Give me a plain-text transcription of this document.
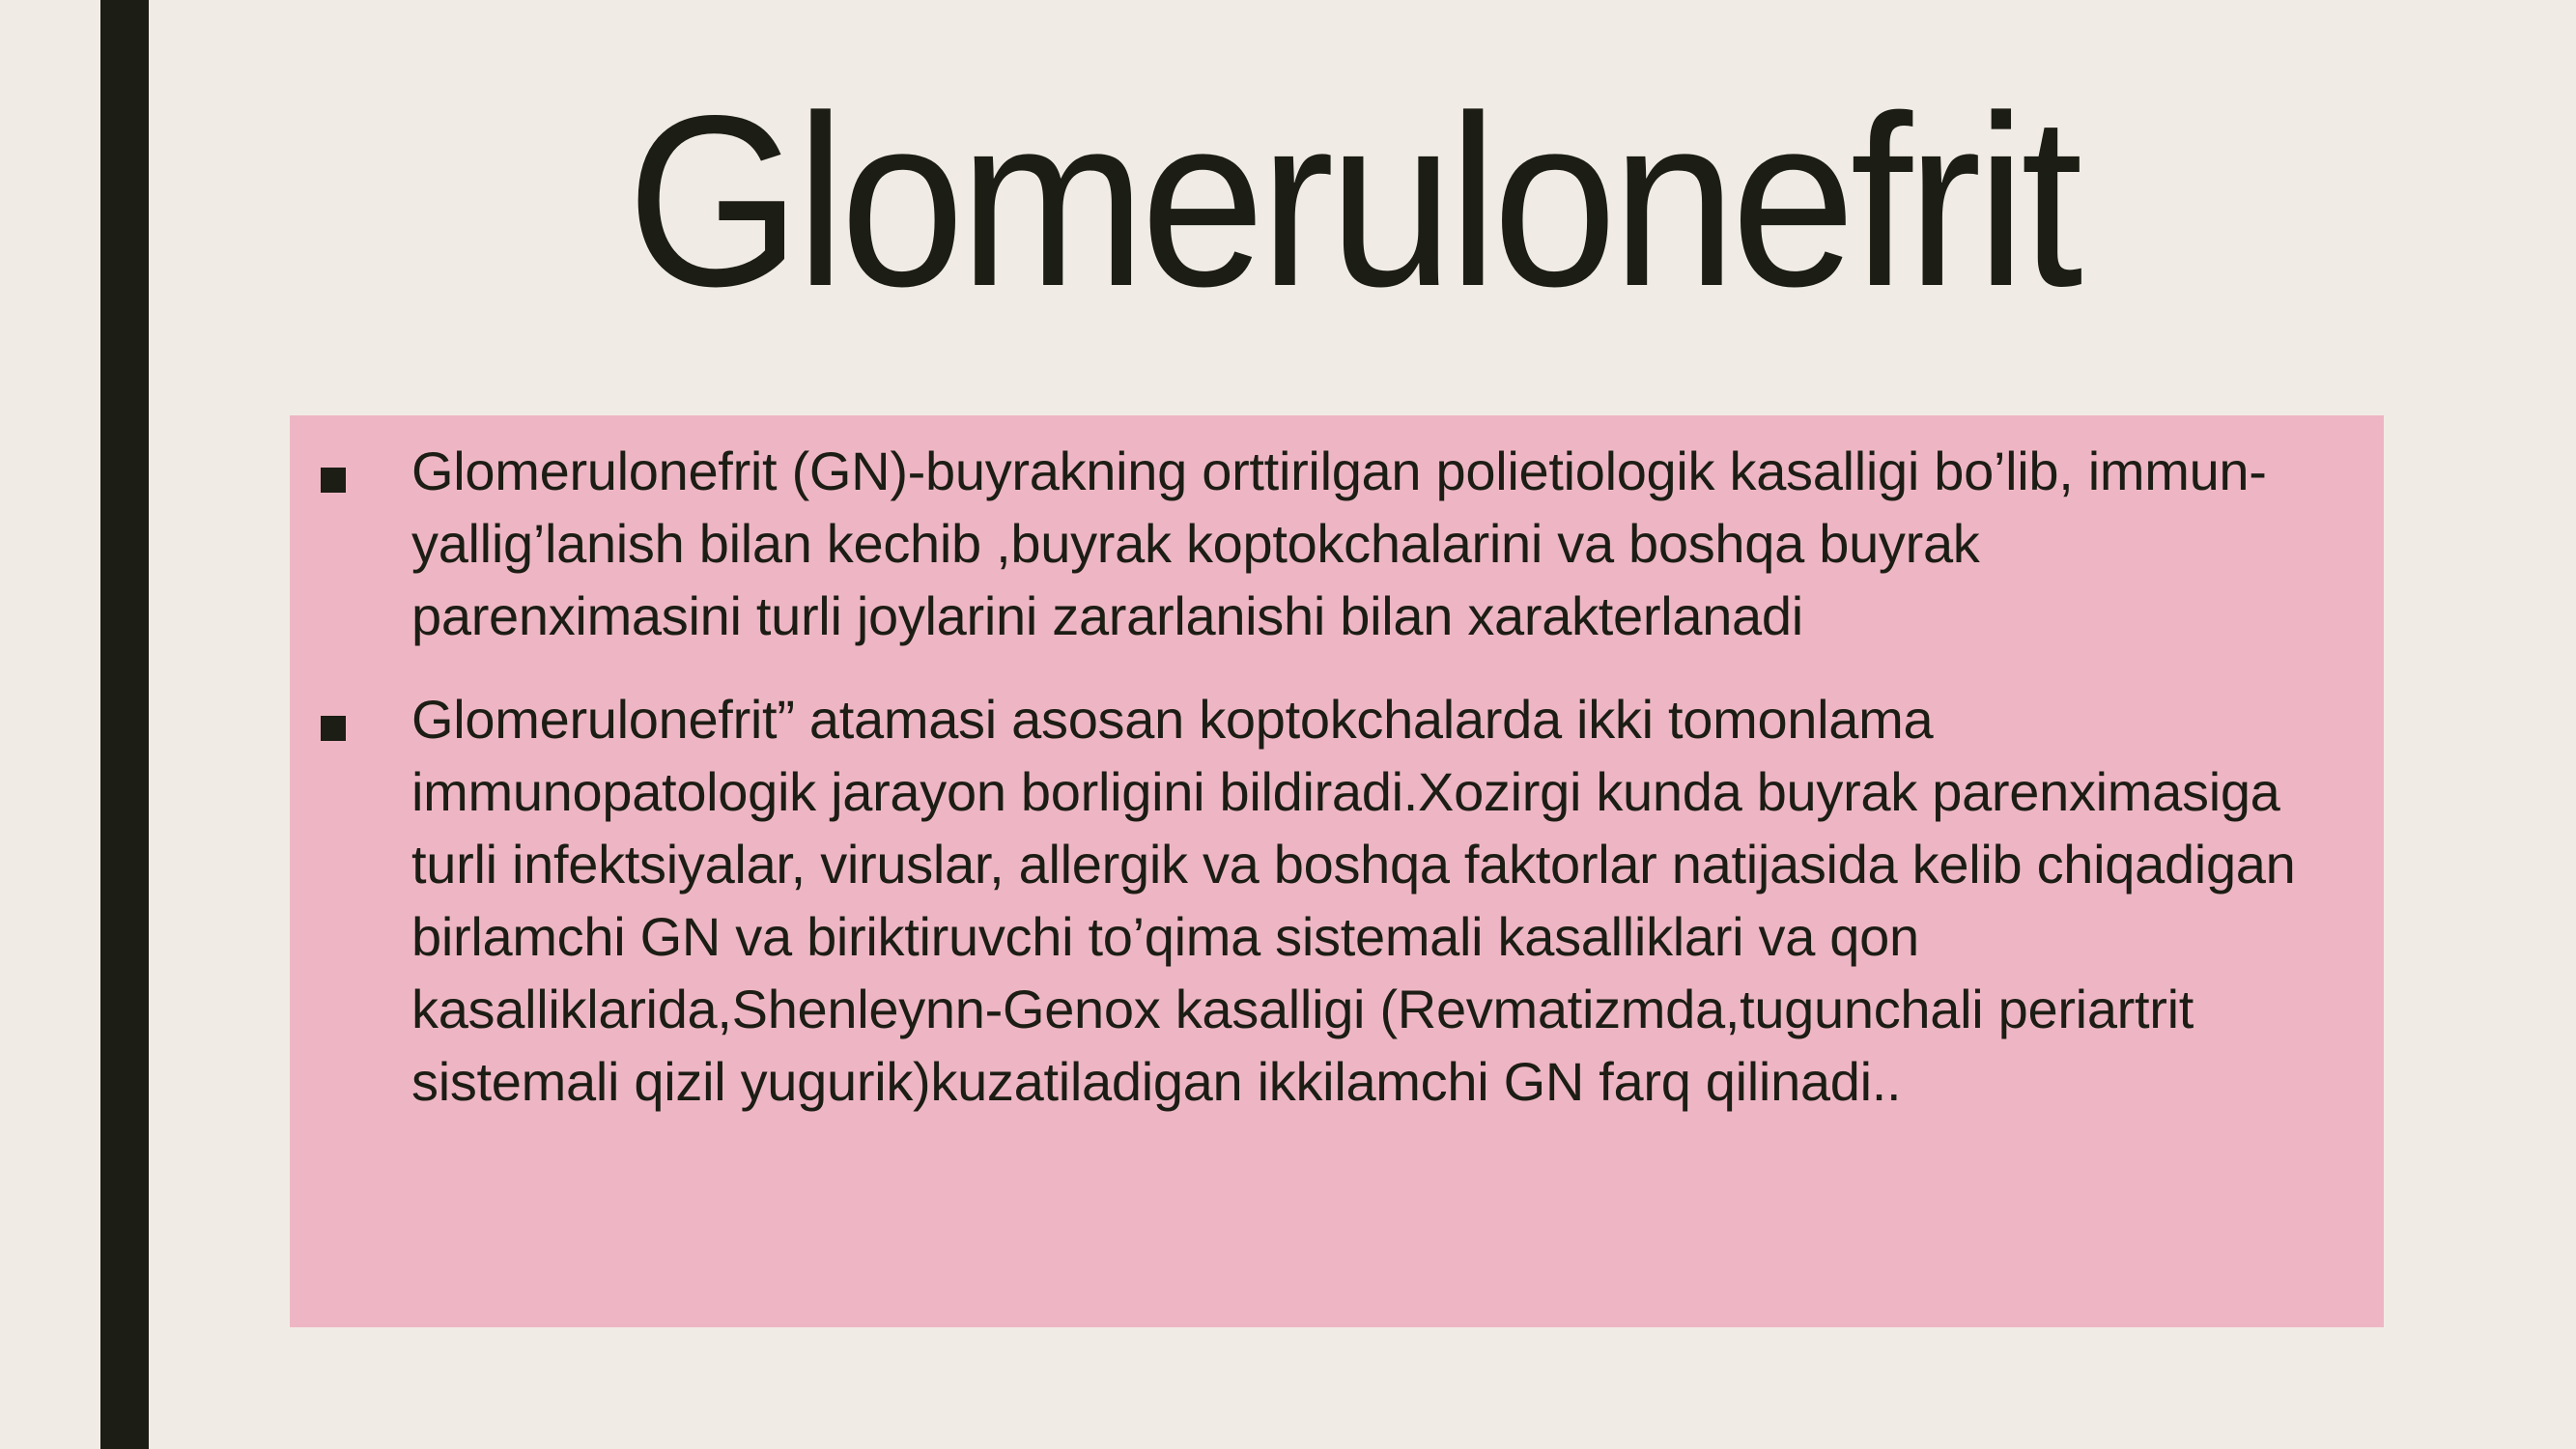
Glomerulonefrit
Glomerulonefrit (GN)-buyrakning orttirilgan polietiologik kasalligi bo’lib, immun-yallig’lanish bilan kechib ,buyrak koptokchalarini va boshqa buyrak parenximasini turli joylarini zararlanishi bilan xarakterlanadi
Glomerulonefrit” atamasi asosan koptokchalarda ikki tomonlama immunopatologik jarayon borligini bildiradi.Xozirgi kunda buyrak parenximasiga turli infektsiyalar, viruslar, allergik va boshqa faktorlar natijasida kelib chiqadigan birlamchi GN va biriktiruvchi to’qima sistemali kasalliklari va qon kasalliklarida,Shenleynn-Genox kasalligi (Revmatizmda,tugunchali periartrit sistemali qizil yugurik)kuzatiladigan ikkilamchi GN farq qilinadi..
